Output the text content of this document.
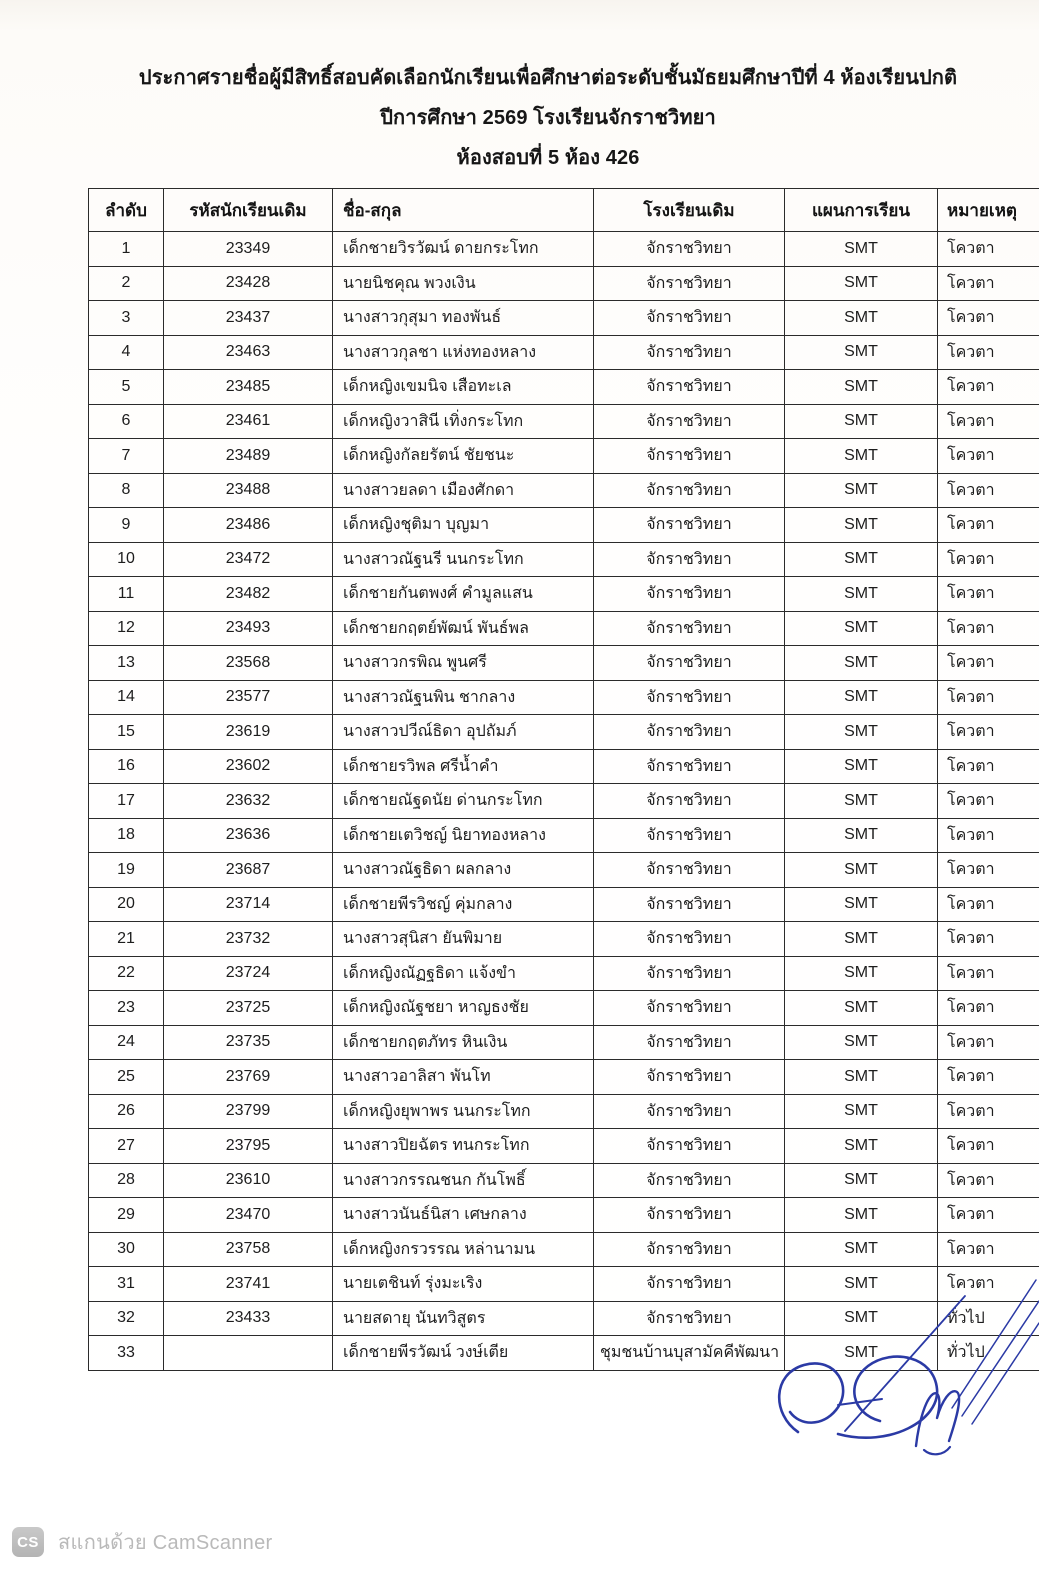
ประกาศรายชื่อผู้มีสิทธิ์สอบคัดเลือกนักเรียนเพื่อศึกษาต่อระดับชั้นมัธยมศึกษาปีที่ 4 ห้องเรียนปกติ
ปีการศึกษา 2569 โรงเรียนจักราชวิทยา
ห้องสอบที่ 5 ห้อง 426
ลำดับ	รหัสนักเรียนเดิม	ชื่อ-สกุล	โรงเรียนเดิม	แผนการเรียน	หมายเหตุ
1	23349	เด็กชายวิรวัฒน์ ดายกระโทก	จักราชวิทยา	SMT	โควตา
2	23428	นายนิชคุณ พวงเงิน	จักราชวิทยา	SMT	โควตา
3	23437	นางสาวกุสุมา ทองพันธ์	จักราชวิทยา	SMT	โควตา
4	23463	นางสาวกุลชา แห่งทองหลาง	จักราชวิทยา	SMT	โควตา
5	23485	เด็กหญิงเขมนิจ เสือทะเล	จักราชวิทยา	SMT	โควตา
6	23461	เด็กหญิงวาสินี เทิ่งกระโทก	จักราชวิทยา	SMT	โควตา
7	23489	เด็กหญิงกัลยรัตน์ ชัยชนะ	จักราชวิทยา	SMT	โควตา
8	23488	นางสาวยลดา เมืองศักดา	จักราชวิทยา	SMT	โควตา
9	23486	เด็กหญิงชุติมา บุญมา	จักราชวิทยา	SMT	โควตา
10	23472	นางสาวณัฐนรี นนกระโทก	จักราชวิทยา	SMT	โควตา
11	23482	เด็กชายกันตพงศ์ คำมูลแสน	จักราชวิทยา	SMT	โควตา
12	23493	เด็กชายกฤตย์พัฒน์ พันธ์พล	จักราชวิทยา	SMT	โควตา
13	23568	นางสาวกรพิณ พูนศรี	จักราชวิทยา	SMT	โควตา
14	23577	นางสาวณัฐนพิน ชากลาง	จักราชวิทยา	SMT	โควตา
15	23619	นางสาวปวีณ์ธิดา อุปถัมภ์	จักราชวิทยา	SMT	โควตา
16	23602	เด็กชายรวิพล ศรีน้ำคำ	จักราชวิทยา	SMT	โควตา
17	23632	เด็กชายณัฐดนัย ด่านกระโทก	จักราชวิทยา	SMT	โควตา
18	23636	เด็กชายเตวิชญ์ นิยาทองหลาง	จักราชวิทยา	SMT	โควตา
19	23687	นางสาวณัฐธิดา ผลกลาง	จักราชวิทยา	SMT	โควตา
20	23714	เด็กชายพีรวิชญ์ คุ่มกลาง	จักราชวิทยา	SMT	โควตา
21	23732	นางสาวสุนิสา ยันพิมาย	จักราชวิทยา	SMT	โควตา
22	23724	เด็กหญิงณัฏฐธิดา แจ้งขำ	จักราชวิทยา	SMT	โควตา
23	23725	เด็กหญิงณัฐชยา หาญธงชัย	จักราชวิทยา	SMT	โควตา
24	23735	เด็กชายกฤตภัทร หินเงิน	จักราชวิทยา	SMT	โควตา
25	23769	นางสาวอาลิสา พันโท	จักราชวิทยา	SMT	โควตา
26	23799	เด็กหญิงยุพาพร นนกระโทก	จักราชวิทยา	SMT	โควตา
27	23795	นางสาวปิยฉัตร ทนกระโทก	จักราชวิทยา	SMT	โควตา
28	23610	นางสาวกรรณชนก กันโพธิ์	จักราชวิทยา	SMT	โควตา
29	23470	นางสาวนันธ์นิสา เศษกลาง	จักราชวิทยา	SMT	โควตา
30	23758	เด็กหญิงกรวรรณ หล่านามน	จักราชวิทยา	SMT	โควตา
31	23741	นายเตชินท์ รุ่งมะเริง	จักราชวิทยา	SMT	โควตา
32	23433	นายสดายุ นันทวิสูตร	จักราชวิทยา	SMT	ทั่วไป
33		เด็กชายพีรวัฒน์ วงษ์เตีย	ชุมชนบ้านบุสามัคคีพัฒนา	SMT	ทั่วไป
CS สแกนด้วย CamScanner
